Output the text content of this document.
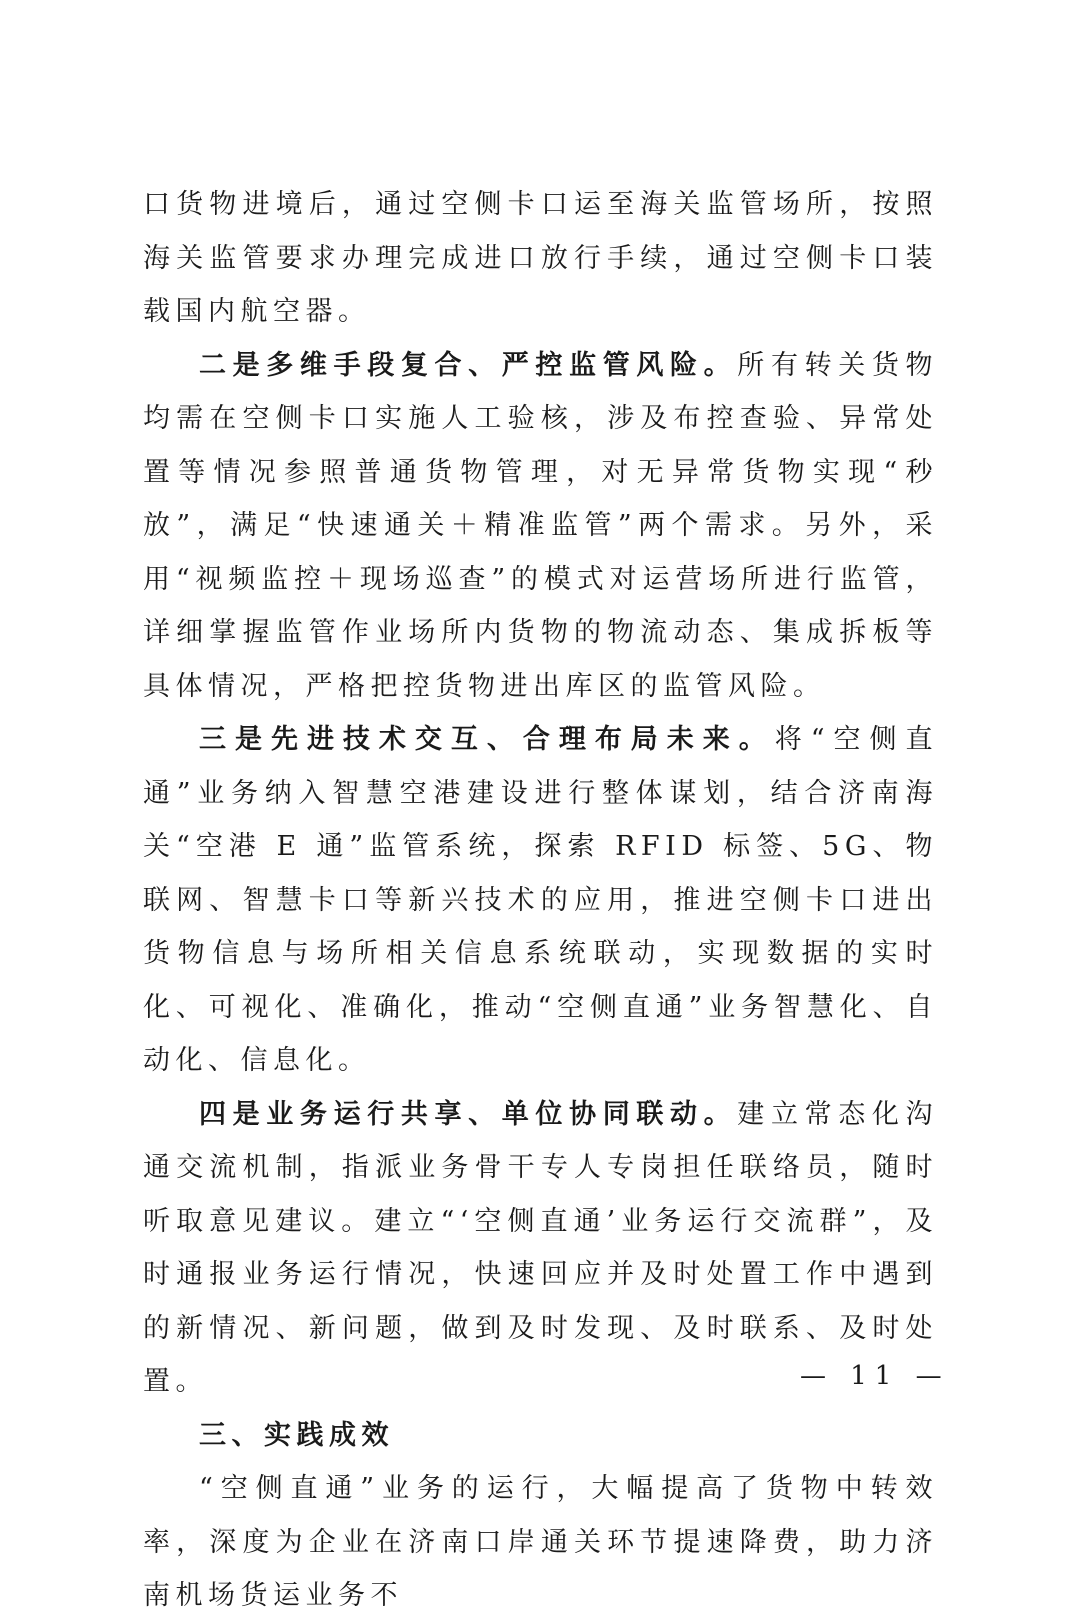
口货物进境后，通过空侧卡口运至海关监管场所，按照海关监管要求办理完成进口放行手续，通过空侧卡口装载国内航空器。

二是多维手段复合、严控监管风险。所有转关货物均需在空侧卡口实施人工验核，涉及布控查验、异常处置等情况参照普通货物管理，对无异常货物实现“秒放”，满足“快速通关＋精准监管”两个需求。另外，采用“视频监控＋现场巡查”的模式对运营场所进行监管，详细掌握监管作业场所内货物的物流动态、集成拆板等具体情况，严格把控货物进出库区的监管风险。

三是先进技术交互、合理布局未来。将“空侧直通”业务纳入智慧空港建设进行整体谋划，结合济南海关“空港 E 通”监管系统，探索 RFID 标签、5G、物联网、智慧卡口等新兴技术的应用，推进空侧卡口进出货物信息与场所相关信息系统联动，实现数据的实时化、可视化、准确化，推动“空侧直通”业务智慧化、自动化、信息化。

四是业务运行共享、单位协同联动。建立常态化沟通交流机制，指派业务骨干专人专岗担任联络员，随时听取意见建议。建立“‘空侧直通’业务运行交流群”，及时通报业务运行情况，快速回应并及时处置工作中遇到的新情况、新问题，做到及时发现、及时联系、及时处置。

三、实践成效

“空侧直通”业务的运行，大幅提高了货物中转效率，深度为企业在济南口岸通关环节提速降费，助力济南机场货运业务不

— 11 —
